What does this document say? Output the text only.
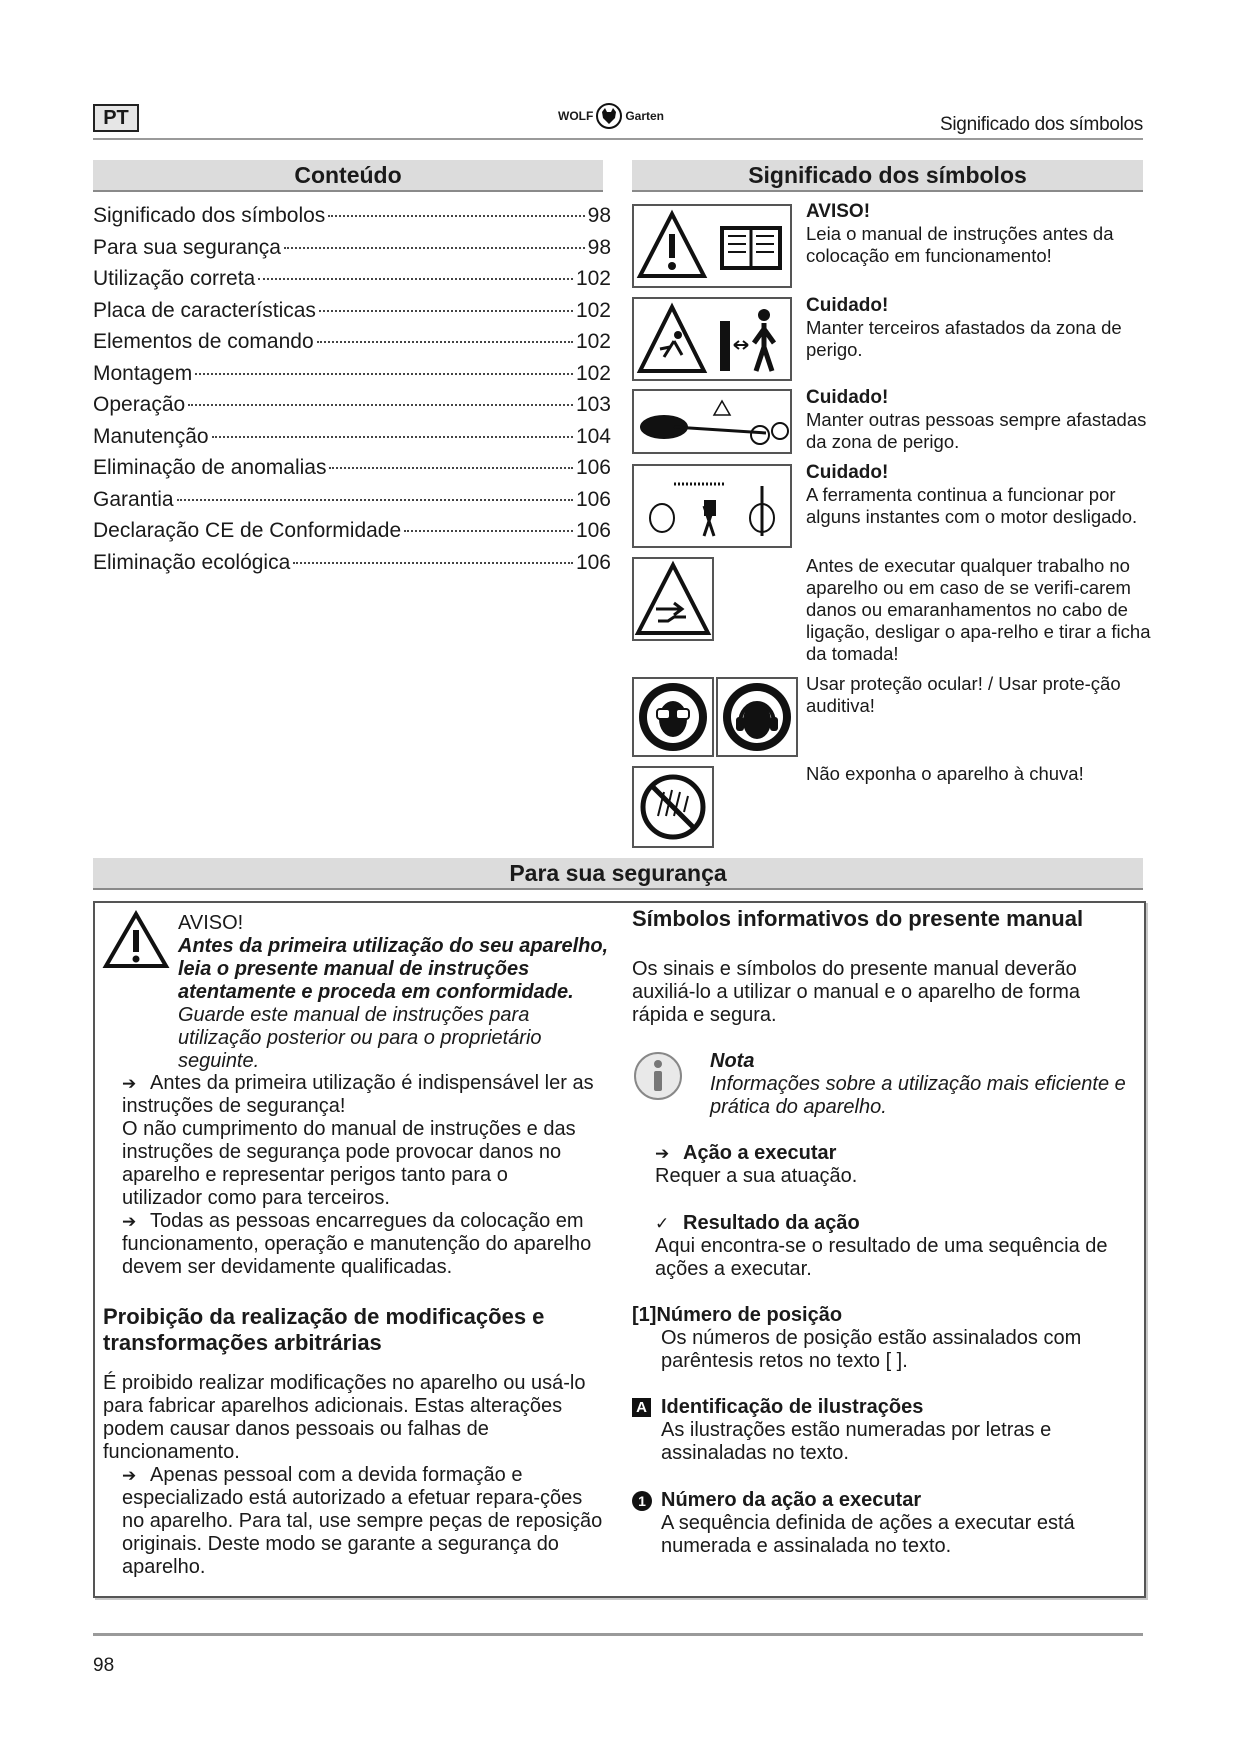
PT	WOLF	Garten	Significado dos símbolos
Conteúdo
Significado dos símbolos	98
Para sua segurança	98
Utilização correta	102
Placa de características	102
Elementos de comando	102
Montagem	102
Operação	103
Manutenção	104
Eliminação de anomalias	106
Garantia	106
Declaração CE de Conformidade	106
Eliminação ecológica	106
Significado dos símbolos
AVISO!
Leia o manual de instruções antes da colocação em funcionamento!
Cuidado!
Manter terceiros afastados da zona de perigo.
Cuidado!
Manter outras pessoas sempre afastadas da zona de perigo.
Cuidado!
A ferramenta continua a funcionar por alguns instantes com o motor desligado.
Antes de executar qualquer trabalho no aparelho ou em caso de se verifi-carem danos ou emaranhamentos no cabo de ligação, desligar o apa-relho e tirar a ficha da tomada!
Usar proteção ocular! / Usar prote-ção auditiva!
Não exponha o aparelho à chuva!
Para sua segurança
AVISO!
Antes da primeira utilização do seu aparelho, leia o presente manual de instruções atentamente e proceda em conformidade. Guarde este manual de instruções para utilização posterior ou para o proprietário seguinte.
➔ Antes da primeira utilização é indispensável ler as instruções de segurança!
O não cumprimento do manual de instruções e das instruções de segurança pode provocar danos no aparelho e representar perigos tanto para o utilizador como para terceiros.
➔ Todas as pessoas encarregues da colocação em funcionamento, operação e manutenção do aparelho devem ser devidamente qualificadas.
Proibição da realização de modificações e transformações arbitrárias
É proibido realizar modificações no aparelho ou usá-lo para fabricar aparelhos adicionais. Estas alterações podem causar danos pessoais ou falhas de funcionamento.
➔ Apenas pessoal com a devida formação e especializado está autorizado a efetuar repara-ções no aparelho. Para tal, use sempre peças de reposição originais. Deste modo se garante a segurança do aparelho.
Símbolos informativos do presente manual
Os sinais e símbolos do presente manual deverão auxiliá-lo a utilizar o manual e o aparelho de forma rápida e segura.
Nota
Informações sobre a utilização mais eficiente e prática do aparelho.
➔ Ação a executar
Requer a sua atuação.
✓ Resultado da ação
Aqui encontra-se o resultado de uma sequência de ações a executar.
[1]Número de posição
Os números de posição estão assinalados com parêntesis retos no texto [ ].
A Identificação de ilustrações
As ilustrações estão numeradas por letras e assinaladas no texto.
1 Número da ação a executar
A sequência definida de ações a executar está numerada e assinalada no texto.
98
